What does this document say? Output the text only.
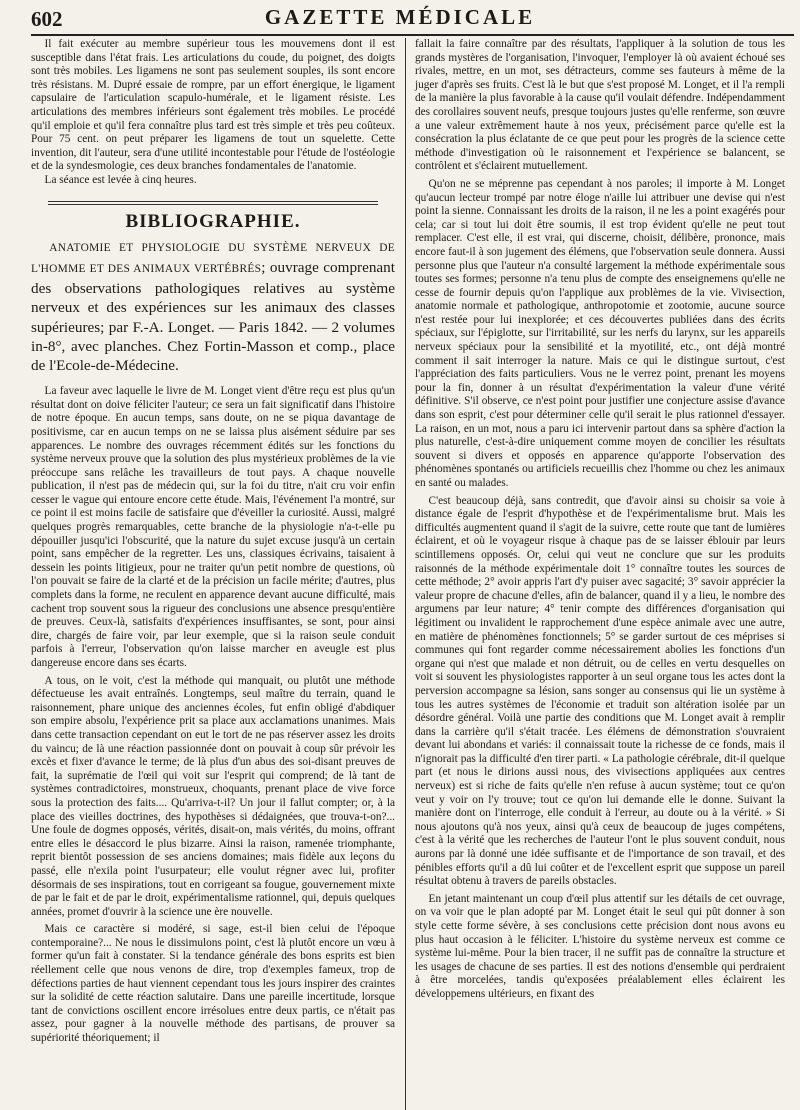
602	GAZETTE MÉDICALE

Il fait exécuter au membre supérieur tous les mouvemens dont il est susceptible dans l'état frais. Les articulations du coude, du poignet, des doigts sont très mobiles. Les ligamens ne sont pas seulement souples, ils sont encore très résistans. M. Dupré essaie de rompre, par un effort énergique, le ligament capsulaire de l'articulation scapulo-humérale, et le ligament résiste. Les articulations des membres inférieurs sont également très mobiles. Le procédé qu'il emploie et qu'il fera connaître plus tard est très simple et très peu coûteux. Pour 75 cent. on peut préparer les ligamens de tout un squelette. Cette invention, dit l'auteur, sera d'une utilité incontestable pour l'étude de l'ostéologie et de la syndesmologie, ces deux branches fondamentales de l'anatomie.

La séance est levée à cinq heures.

BIBLIOGRAPHIE.
ANATOMIE ET PHYSIOLOGIE DU SYSTÈME NERVEUX DE L'HOMME ET DES ANIMAUX VERTÉBRÉS; ouvrage comprenant des observations pathologiques relatives au système nerveux et des expériences sur les animaux des classes supérieures; par F.-A. Longet. — Paris 1842. — 2 volumes in-8°, avec planches. Chez Fortin-Masson et comp., place de l'Ecole-de-Médecine.

La faveur avec laquelle le livre de M. Longet vient d'être reçu est plus qu'un résultat dont on doive féliciter l'auteur; ce sera un fait significatif dans l'histoire de notre époque. En aucun temps, sans doute, on ne se piqua davantage de positivisme, car en aucun temps on ne se laissa plus aisément séduire par ses apparences. Le nombre des ouvrages récemment édités sur les fonctions du système nerveux prouve que la solution des plus mystérieux problèmes de la vie préoccupe sans relâche les travailleurs de tout pays. A chaque nouvelle publication, il n'est pas de médecin qui, sur la foi du titre, n'ait cru voir enfin cesser le vague qui entoure encore cette étude. Mais, l'événement l'a montré, sur ce point il est moins facile de satisfaire que d'éveiller la curiosité. Aussi, malgré quelques progrès remarquables, cette branche de la physiologie n'a-t-elle pu dépouiller jusqu'ici l'obscurité, que la nature du sujet excuse jusqu'à un certain point, sans empêcher de la regretter. Les uns, classiques écrivains, taisaient à dessein les points litigieux, pour ne traiter qu'un petit nombre de questions, où l'on pouvait se faire de la clarté et de la précision un facile mérite; d'autres, plus complets dans la forme, ne reculent en apparence devant aucune difficulté, mais cachent trop souvent sous la rigueur des conclusions une absence presqu'entière de preuves. Ceux-là, satisfaits d'expériences insuffisantes, se sont, pour ainsi dire, chargés de faire voir, par leur exemple, que si la raison seule conduit parfois à l'erreur, l'observation qu'on laisse marcher en aveugle est plus dangereuse encore dans ses écarts.

A tous, on le voit, c'est la méthode qui manquait, ou plutôt une méthode défectueuse les avait entraînés. Longtemps, seul maître du terrain, quand le raisonnement, phare unique des anciennes écoles, fut enfin obligé d'abdiquer son empire absolu, l'expérience prit sa place aux acclamations unanimes. Mais dans cette transaction cependant on eut le tort de ne pas réserver assez les droits du vaincu; de là une réaction passionnée dont on pouvait à coup sûr prévoir les excès et fixer d'avance le terme; de là plus d'un abus des soi-disant preuves de fait, la suprématie de l'œil qui voit sur l'esprit qui comprend; de là tant de systèmes contradictoires, monstrueux, choquants, prenant place de vive force sous la protection des faits.... Qu'arriva-t-il? Un jour il fallut compter; or, à la place des vieilles doctrines, des hypothèses si dédaignées, que trouva-t-on?... Une foule de dogmes opposés, vérités, disait-on, mais vérités, du moins, offrant entre elles le désaccord le plus bizarre. Ainsi la raison, ramenée triomphante, reprit bientôt possession de ses anciens domaines; mais fidèle aux leçons du passé, elle n'exila point l'usurpateur; elle voulut régner avec lui, profiter désormais de ses inspirations, tout en corrigeant sa fougue, gouvernement mixte de par le fait et de par le droit, expérimentalisme rationnel, qui, depuis quelques années, promet d'ouvrir à la science une ère nouvelle.

Mais ce caractère si modéré, si sage, est-il bien celui de l'époque contemporaine?... Ne nous le dissimulons point, c'est là plutôt encore un vœu à former qu'un fait à constater. Si la tendance générale des bons esprits est bien réellement celle que nous venons de dire, trop d'exemples fameux, trop de défections parties de haut viennent cependant tous les jours inspirer des craintes sur la solidité de cette réaction salutaire. Dans une pareille incertitude, lorsque tant de convictions oscillent encore irrésolues entre deux partis, ce n'était pas assez, pour gagner à la nouvelle méthode des partisans, de prouver sa supériorité théoriquement; il

fallait la faire connaître par des résultats, l'appliquer à la solution de tous les grands mystères de l'organisation, l'invoquer, l'employer là où avaient échoué ses rivales, mettre, en un mot, ses détracteurs, comme ses fauteurs à même de la juger d'après ses fruits. C'est là le but que s'est proposé M. Longet, et il l'a rempli de la manière la plus favorable à la cause qu'il voulait défendre. Indépendamment des corollaires souvent neufs, presque toujours justes qu'elle renferme, son œuvre a une valeur extrêmement haute à nos yeux, précisément parce qu'elle est la consécration la plus éclatante de ce que peut pour les progrès de la science cette méthode d'investigation où le raisonnement et l'expérience se balancent, se contrôlent et s'éclairent mutuellement.

Qu'on ne se méprenne pas cependant à nos paroles; il importe à M. Longet qu'aucun lecteur trompé par notre éloge n'aille lui attribuer une devise qui n'est point la sienne. Connaissant les droits de la raison, il ne les a point exagérés pour cela; car si tout lui doit être soumis, il est trop évident qu'elle ne peut tout remplacer. C'est elle, il est vrai, qui discerne, choisit, délibère, prononce, mais encore faut-il à son jugement des élémens, que l'observation seule donnera. Aussi personne plus que l'auteur n'a consulté largement la méthode expérimentale sous toutes ses formes; personne n'a tenu plus de compte des enseignemens qu'elle ne cesse de fournir depuis qu'on l'applique aux problèmes de la vie. Vivisection, anatomie normale et pathologique, anthropotomie et zootomie, aucune source n'est restée pour lui inexplorée; et ces découvertes publiées dans des écrits spéciaux, sur l'épiglotte, sur l'irritabilité, sur les nerfs du larynx, sur les appareils nerveux spéciaux pour la sensibilité et la myotilité, etc., ont déjà montré comment il sait interroger la nature. Mais ce qui le distingue surtout, c'est l'appréciation des faits particuliers. Vous ne le verrez point, prenant les moyens pour la fin, donner à un résultat d'expérimentation la valeur d'une vérité définitive. S'il observe, ce n'est point pour justifier une conjecture assise d'avance dans son esprit, c'est pour déterminer celle qu'il serait le plus rationnel d'essayer. La raison, en un mot, nous a paru ici intervenir partout dans sa sphère d'action la plus naturelle, c'est-à-dire uniquement comme moyen de concilier les résultats souvent si divers et opposés en apparence qu'apporte l'observation des phénomènes spontanés ou artificiels recueillis chez l'homme ou chez les animaux en santé ou malades.

C'est beaucoup déjà, sans contredit, que d'avoir ainsi su choisir sa voie à distance égale de l'esprit d'hypothèse et de l'expérimentalisme brut. Mais les difficultés augmentent quand il s'agit de la suivre, cette route que tant de lumières éclairent, et où le voyageur risque à chaque pas de se laisser éblouir par leurs scintillemens opposés. Or, celui qui veut ne conclure que sur les produits raisonnés de la méthode expérimentale doit 1° connaître toutes les sources de cette méthode; 2° avoir appris l'art d'y puiser avec sagacité; 3° savoir apprécier la valeur propre de chacune d'elles, afin de balancer, quand il y a lieu, le nombre des argumens par leur nature; 4° tenir compte des différences d'organisation qui légitiment ou invalident le rapprochement d'une espèce animale avec une autre, en matière de phénomènes fonctionnels; 5° se garder surtout de ces méprises si communes qui font regarder comme nécessairement abolies les fonctions d'un organe qui n'est que malade et non détruit, ou de celles en vertu desquelles on voit si souvent les physiologistes rapporter à un seul organe tous les actes dont la perversion accompagne sa lésion, sans songer au consensus qui lie un système à tous les autres systèmes de l'économie et traduit son altération isolée par un désordre général. Voilà une partie des conditions que M. Longet avait à remplir dans la carrière qu'il s'était tracée. Les élémens de démonstration s'ouvraient devant lui abondans et variés: il connaissait toute la richesse de ce fonds, mais il n'ignorait pas la difficulté d'en tirer parti. « La pathologie cérébrale, dit-il quelque part (et nous le dirions aussi nous, des vivisections appliquées aux centres nerveux) est si riche de faits qu'elle n'en refuse à aucun système; tout ce qu'on veut y voir on l'y trouve; tout ce qu'on lui demande elle le donne. Suivant la manière dont on l'interroge, elle conduit à l'erreur, au doute ou à la vérité. » Si nous ajoutons qu'à nos yeux, ainsi qu'à ceux de beaucoup de juges compétens, c'est à la vérité que les recherches de l'auteur l'ont le plus souvent conduit, nous aurons par là donné une idée suffisante et de l'importance de son travail, et des pénibles efforts qu'il a dû lui coûter et de l'excellent esprit que suppose un pareil résultat obtenu à travers de pareils obstacles.

En jetant maintenant un coup d'œil plus attentif sur les détails de cet ouvrage, on va voir que le plan adopté par M. Longet était le seul qui pût donner à son style cette forme sévère, à ses conclusions cette précision dont nous avons eu plus haut occasion à le féliciter. L'histoire du système nerveux est comme ce système lui-même. Pour la bien tracer, il ne suffit pas de connaître la structure et les usages de chacune de ses parties. Il est des notions d'ensemble qui perdraient à être morcelées, tandis qu'exposées préalablement elles éclairent les développemens ultérieurs, en fixant des
